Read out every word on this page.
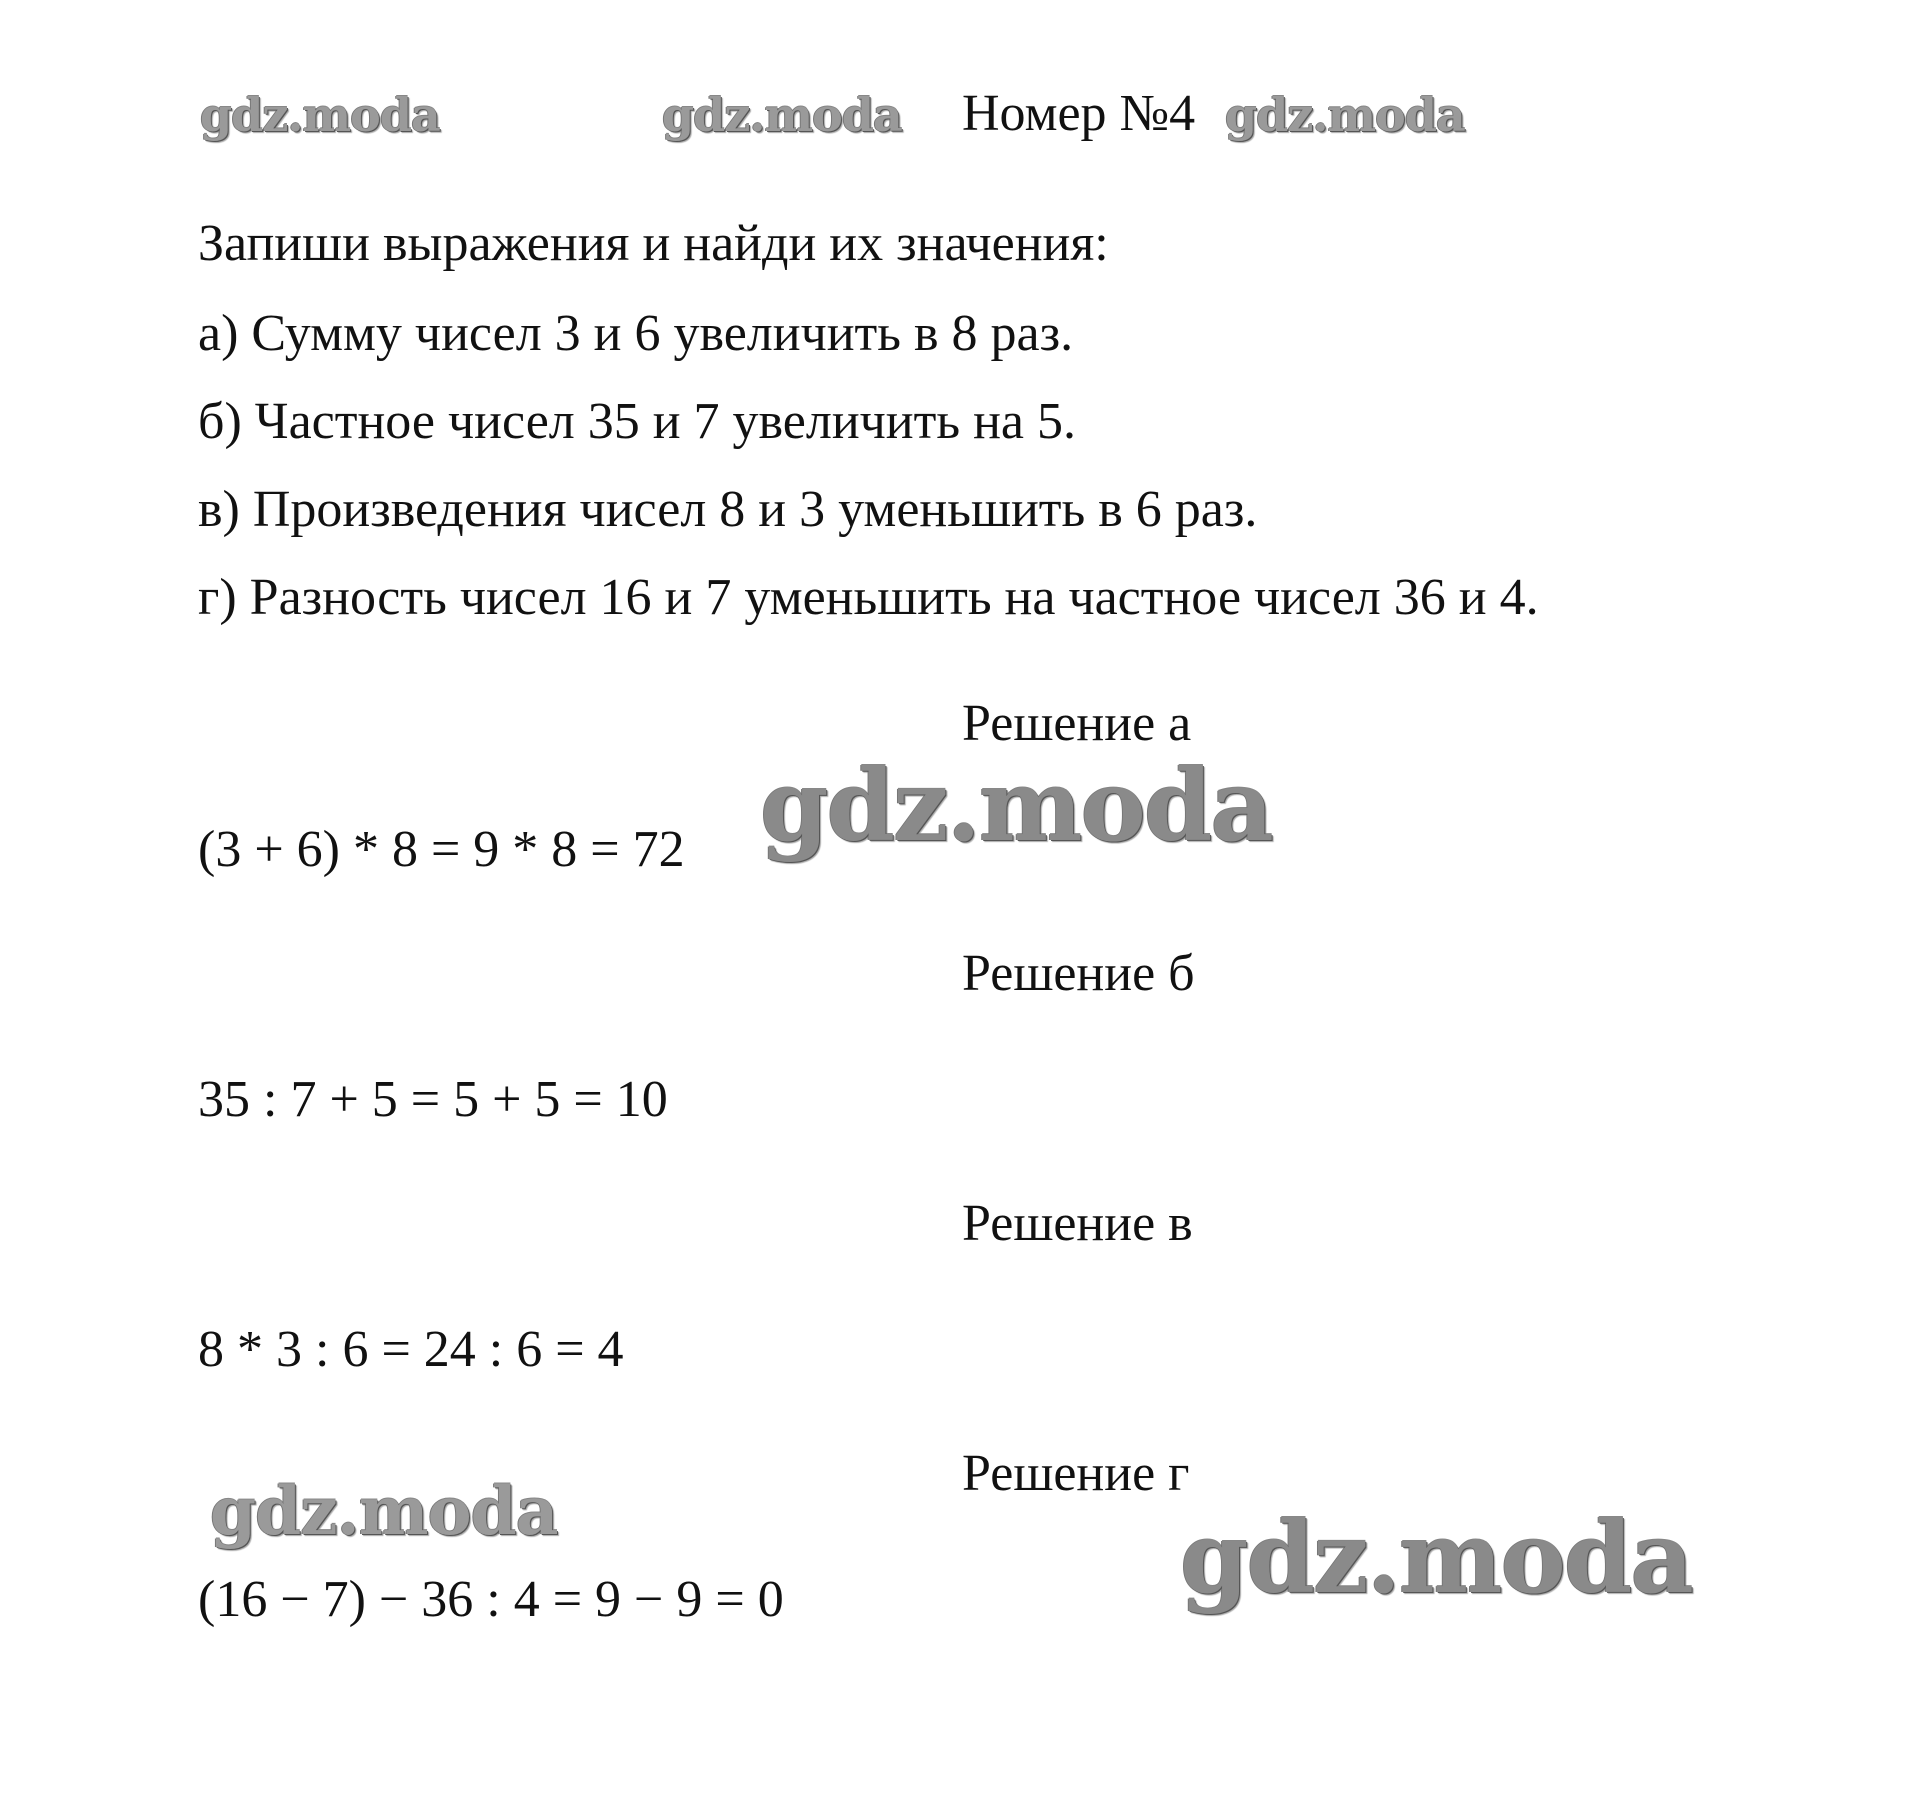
gdz.moda	gdz.moda Номер №4 gdz.moda
Запиши выражения и найди их значения:
а) Сумму чисел 3 и 6 увеличить в 8 раз.
б) Частное чисел 35 и 7 увеличить на 5.
в) Произведения чисел 8 и 3 уменьшить в 6 раз.
г) Разность чисел 16 и 7 уменьшить на частное чисел 36 и 4.
Решение а
(3 + 6) * 8 = 9 * 8 = 72 gdz.moda
Решение б
35 : 7 + 5 = 5 + 5 = 10
Решение в
8 * 3 : 6 = 24 : 6 = 4
gdz.moda	Решение г
gdz.moda
(16 − 7) − 36 : 4 = 9 − 9 = 0
